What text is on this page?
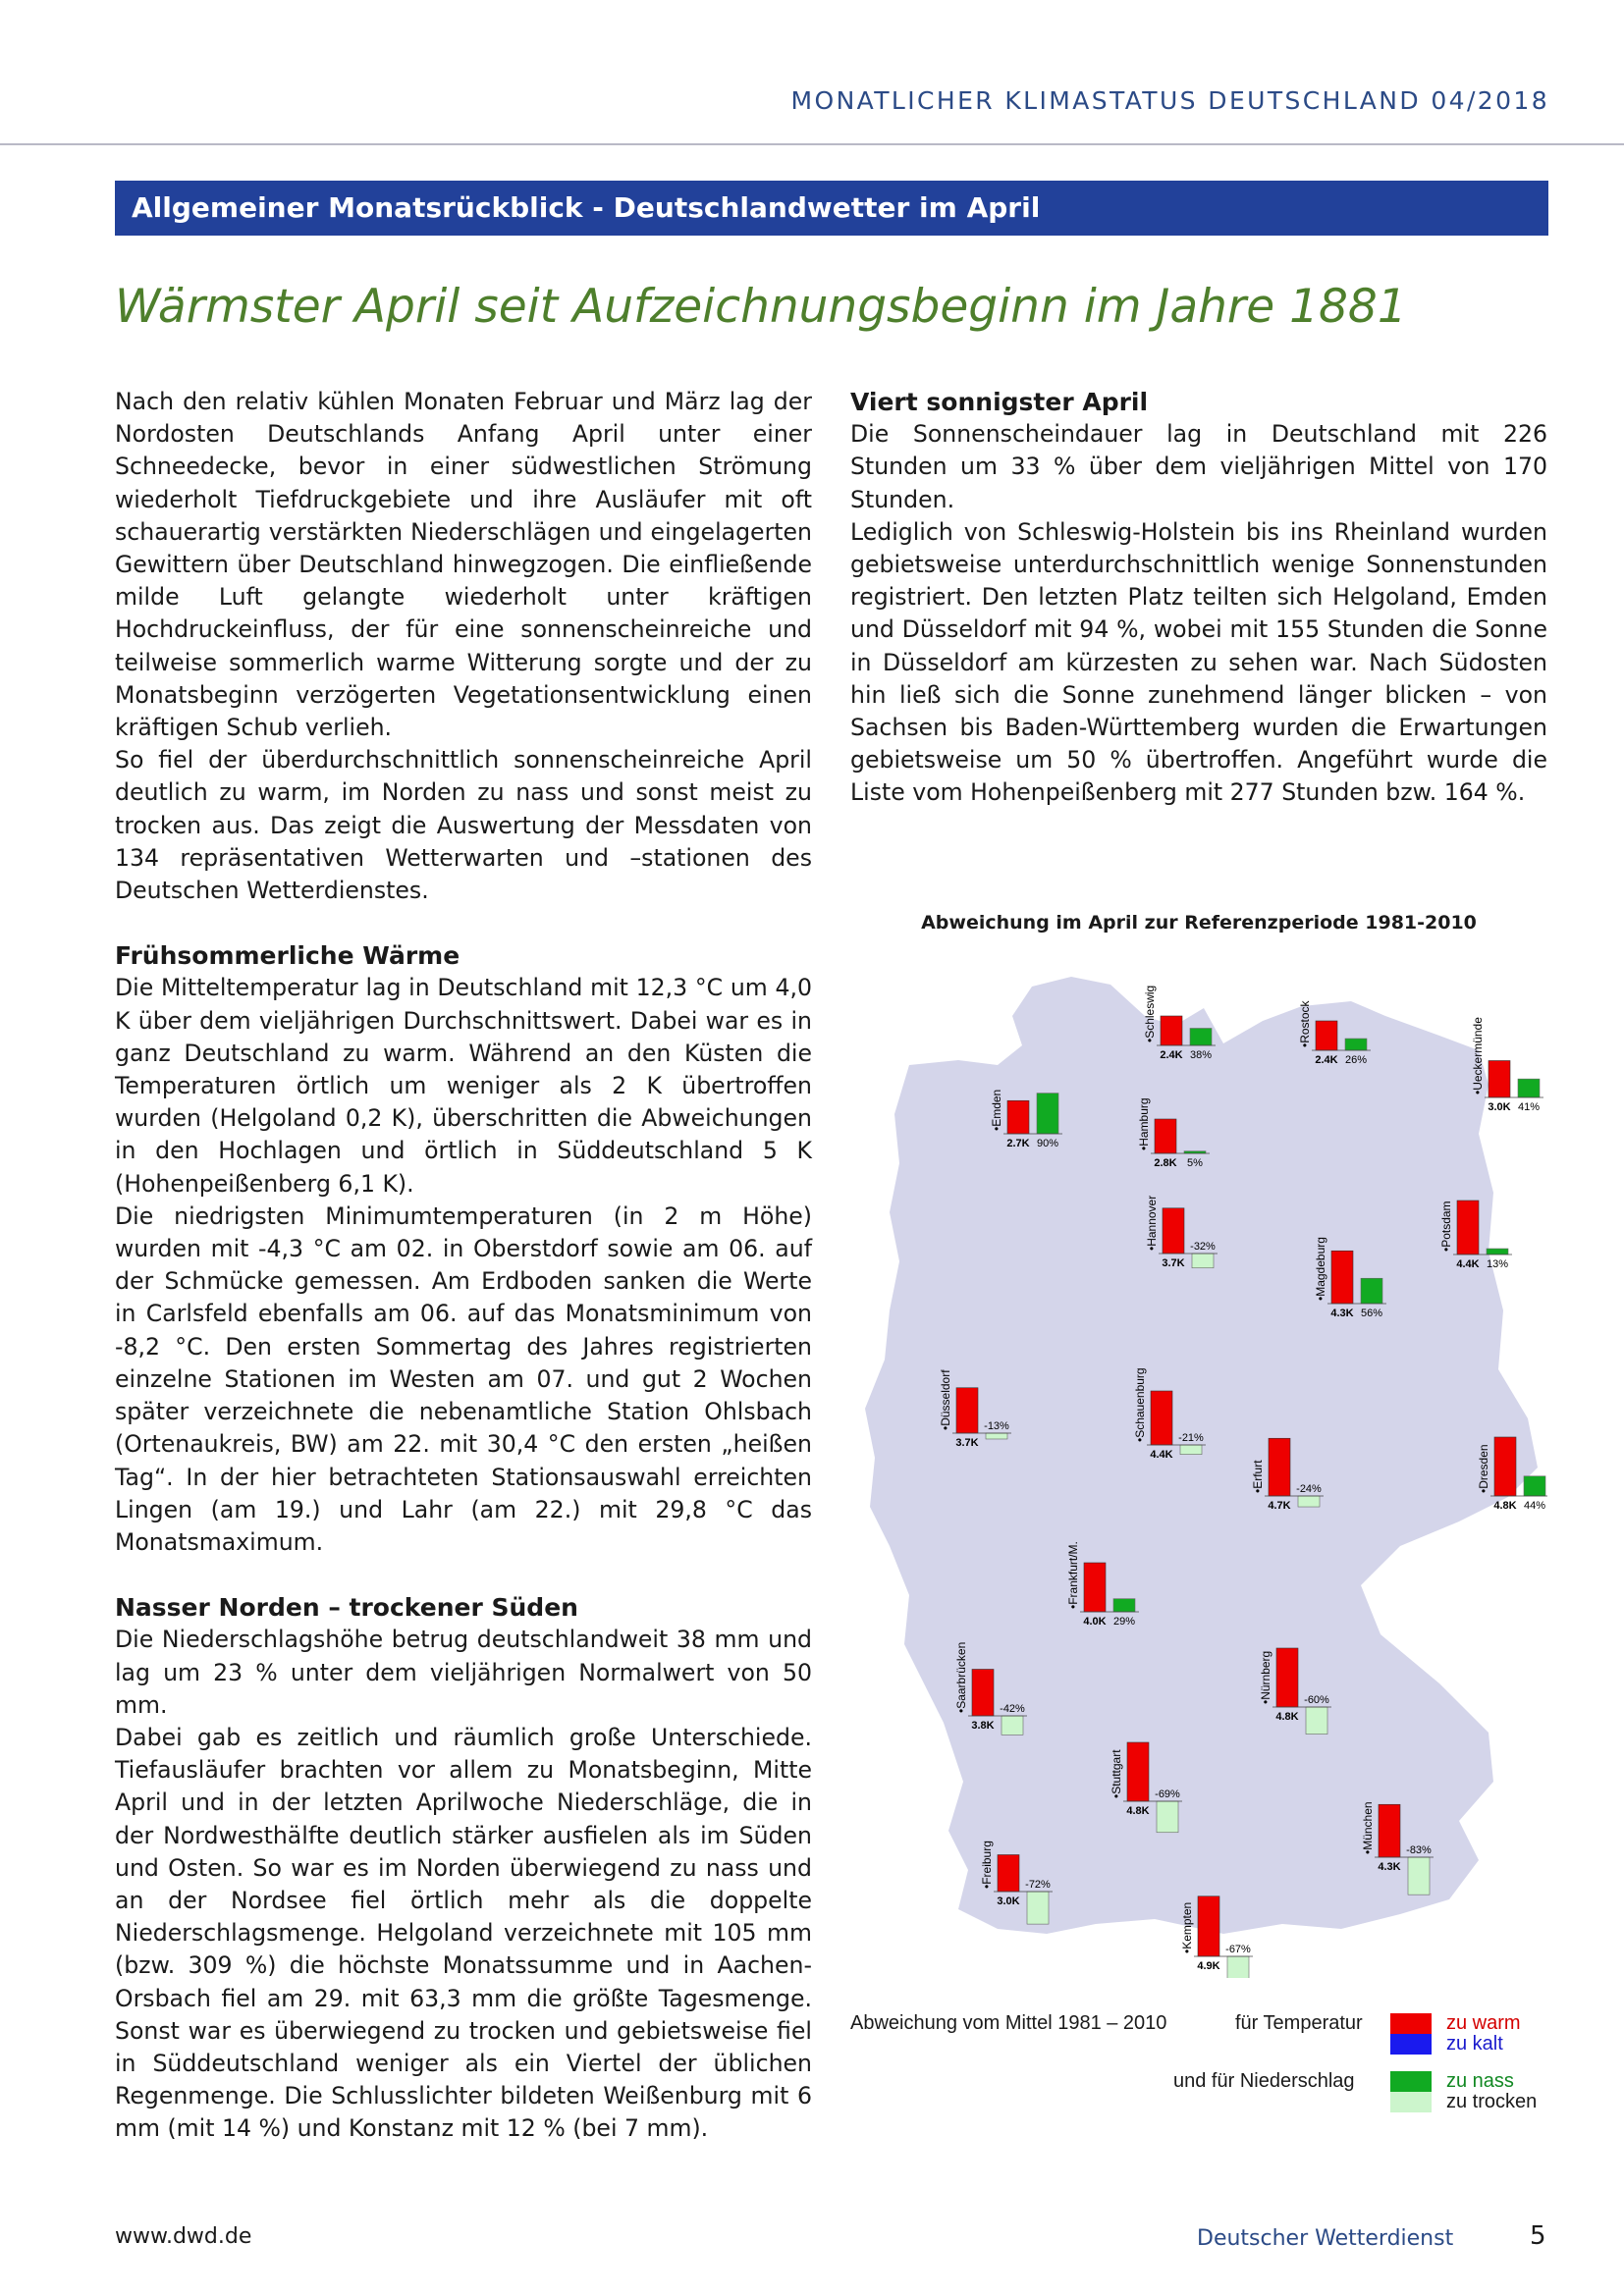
MONATLICHER KLIMASTATUS DEUTSCHLAND 04/2018
Allgemeiner Monatsrückblick - Deutschlandwetter im April
Wärmster April seit Aufzeichnungsbeginn im Jahre 1881

Nach den relativ kühlen Monaten Februar und März lag der Nordosten Deutschlands Anfang April unter einer Schneedecke, bevor in einer südwestlichen Strömung wiederholt Tiefdruckgebiete und ihre Ausläufer mit oft schauerartig verstärkten Niederschlägen und eingelagerten Gewittern über Deutschland hinwegzogen. Die einfließende milde Luft gelangte wiederholt unter kräftigen Hochdruckeinfluss, der für eine sonnenscheinreiche und teilweise sommerlich warme Witterung sorgte und der zu Monatsbeginn verzögerten Vegetationsentwicklung einen kräftigen Schub verlieh.

So fiel der überdurchschnittlich sonnenscheinreiche April deutlich zu warm, im Norden zu nass und sonst meist zu trocken aus. Das zeigt die Auswertung der Messdaten von 134 repräsentativen Wetterwarten und –stationen des Deutschen Wetterdienstes.

Frühsommerliche Wärme

Die Mitteltemperatur lag in Deutschland mit 12,3 °C um 4,0 K über dem vieljährigen Durchschnittswert. Dabei war es in ganz Deutschland zu warm. Während an den Küsten die Temperaturen örtlich um weniger als 2 K übertroffen wurden (Helgoland 0,2 K), überschritten die Abweichungen in den Hochlagen und örtlich in Süddeutschland 5 K (Hohenpeißenberg 6,1 K).

Die niedrigsten Minimumtemperaturen (in 2 m Höhe) wurden mit -4,3 °C am 02. in Oberstdorf sowie am 06. auf der Schmücke gemessen. Am Erdboden sanken die Werte in Carlsfeld ebenfalls am 06. auf das Monatsminimum von -8,2 °C. Den ersten Sommertag des Jahres registrierten einzelne Stationen im Westen am 07. und gut 2 Wochen später verzeichnete die nebenamtliche Station Ohlsbach (Ortenaukreis, BW) am 22. mit 30,4 °C den ersten „heißen Tag“. In der hier betrachteten Stationsauswahl erreichten Lingen (am 19.) und Lahr (am 22.) mit 29,8 °C das Monatsmaximum.

Nasser Norden – trockener Süden

Die Niederschlagshöhe betrug deutschlandweit 38 mm und lag um 23 % unter dem vieljährigen Normalwert von 50 mm.

Dabei gab es zeitlich und räumlich große Unterschiede. Tiefausläufer brachten vor allem zu Monatsbeginn, Mitte April und in der letzten Aprilwoche Niederschläge, die in der Nordwesthälfte deutlich stärker ausfielen als im Süden und Osten. So war es im Norden überwiegend zu nass und an der Nordsee fiel örtlich mehr als die doppelte Niederschlagsmenge. Helgoland verzeichnete mit 105 mm (bzw. 309 %) die höchste Monatssumme und in Aachen-Orsbach fiel am 29. mit 63,3 mm die größte Tagesmenge. Sonst war es überwiegend zu trocken und gebietsweise fiel in Süddeutschland weniger als ein Viertel der üblichen Regenmenge. Die Schlusslichter bildeten Weißenburg mit 6 mm (mit 14 %) und Konstanz mit 12 % (bei 7 mm).

Viert sonnigster April

Die Sonnenscheindauer lag in Deutschland mit 226 Stunden um 33 % über dem vieljährigen Mittel von 170 Stunden.

Lediglich von Schleswig-Holstein bis ins Rheinland wurden gebietsweise unterdurchschnittlich wenige Sonnenstunden registriert. Den letzten Platz teilten sich Helgoland, Emden und Düsseldorf mit 94 %, wobei mit 155 Stunden die Sonne in Düsseldorf am kürzesten zu sehen war. Nach Südosten hin ließ sich die Sonne zunehmend länger blicken – von Sachsen bis Baden-Württemberg wurden die Erwartungen gebietsweise um 50 % übertroffen. Angeführt wurde die Liste vom Hohenpeißenberg mit 277 Stunden bzw. 164 %.

Abweichung im April zur Referenzperiode 1981-2010
2.4K 38%
•Schleswig
2.4K 26%
•Rostock
3.0K 41%
•Ueckermünde
2.7K 90%
•Emden
2.8K 5%
•Hamburg
3.7K
-32%
•Hannover
4.3K 56%
•Magdeburg	4.4K 13%
•Potsdam
3.7K
-13%
•Düsseldorf
4.4K
-21%
•Schauenburg
4.7K
-24%
•Erfurt
4.8K 44%
•Dresden
4.0K 29%
•Frankfurt/M.
3.8K
-42%
•Saarbrücken
4.8K
-60%
•Nürnberg
4.8K
-69%
•Stuttgart
4.3K
-83%
•München
3.0K
-72%
•Freiburg
4.9K
-67%
•Kempten
Abweichung vom Mittel 1981 – 2010	für Temperatur	zu warm
zu kalt
und für Niederschlag	zu nass
zu trocken
www.dwd.de	Deutscher Wetterdienst	5
